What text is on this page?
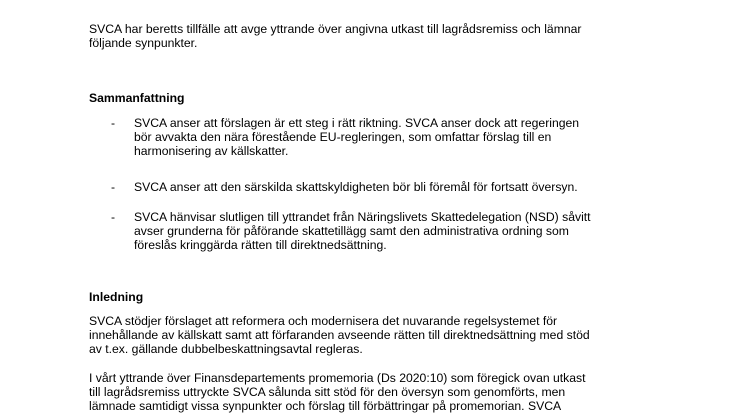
SVCA har beretts tillfälle att avge yttrande över angivna utkast till lagrådsremiss och lämnar
följande synpunkter.
Sammanfattning
- SVCA anser att förslagen är ett steg i rätt riktning. SVCA anser dock att regeringen
bör avvakta den nära förestående EU-regleringen, som omfattar förslag till en
harmonisering av källskatter.
- SVCA anser att den särskilda skattskyldigheten bör bli föremål för fortsatt översyn.
- SVCA hänvisar slutligen till yttrandet från Näringslivets Skattedelegation (NSD) såvitt
avser grunderna för påförande skattetillägg samt den administrativa ordning som
föreslås kringgärda rätten till direktnedsättning.
Inledning
SVCA stödjer förslaget att reformera och modernisera det nuvarande regelsystemet för
innehållande av källskatt samt att förfaranden avseende rätten till direktnedsättning med stöd
av t.ex. gällande dubbelbeskattningsavtal regleras.
I vårt yttrande över Finansdepartements promemoria (Ds 2020:10) som föregick ovan utkast
till lagrådsremiss uttryckte SVCA sålunda sitt stöd för den översyn som genomförts, men
lämnade samtidigt vissa synpunkter och förslag till förbättringar på promemorian. SVCA
